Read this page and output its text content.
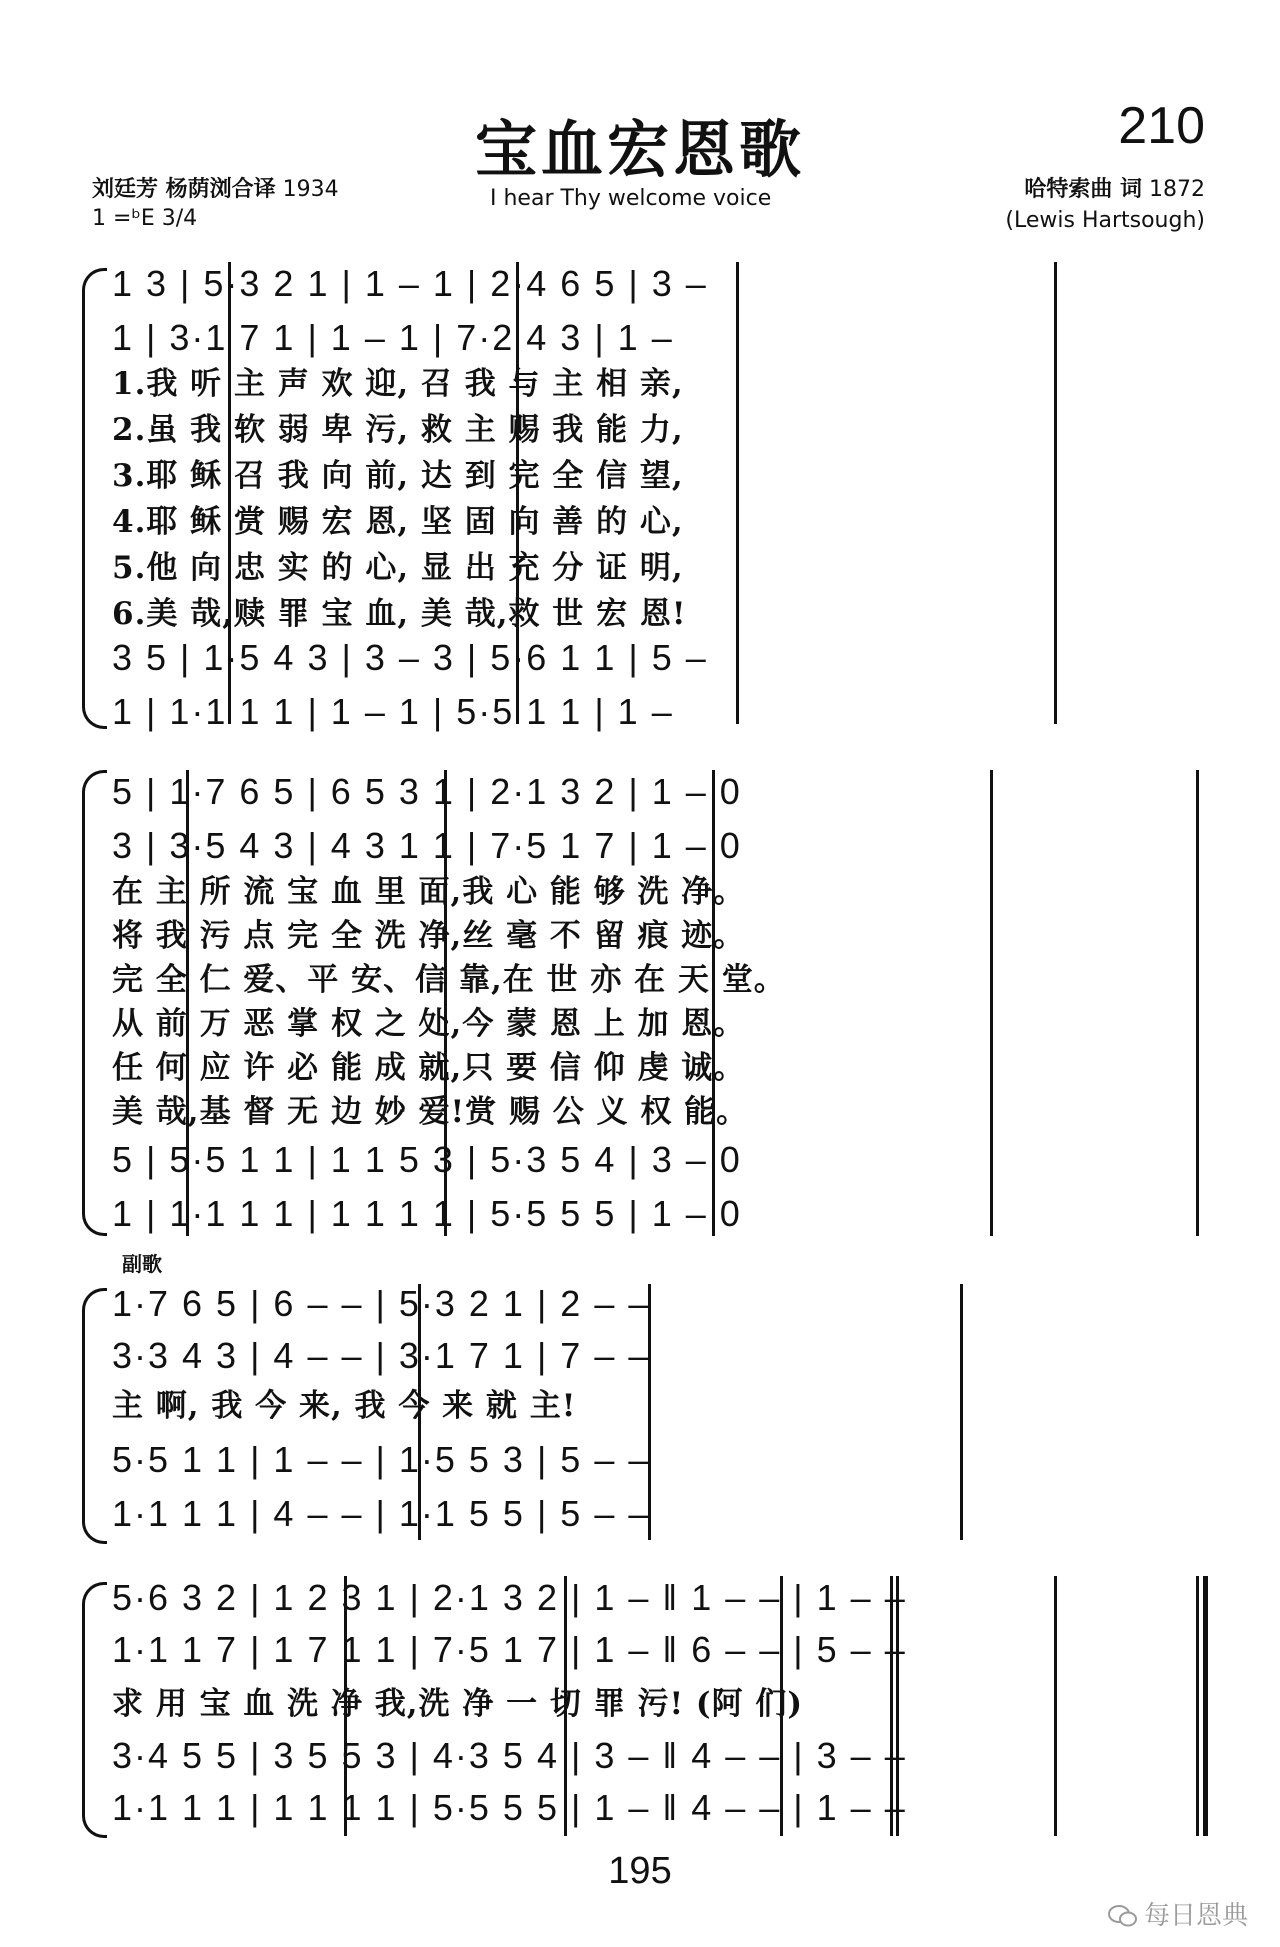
宝血宏恩歌	210
刘廷芳 杨荫浏合译 1934
1 =ᵇE 3/4
I hear Thy welcome voice	哈特索曲 词 1872
(Lewis Hartsough)
1 3 | 5·3 2 1 | 1 – 1 | 2·4 6 5 | 3 –
1 | 3·1 7 1 | 1 – 1 | 7·2 4 3 | 1 –
1.我 听 主 声 欢 迎, 召 我 与 主 相 亲,
2.虽 我 软 弱 卑 污, 救 主 赐 我 能 力,
3.耶 稣 召 我 向 前, 达 到 完 全 信 望,
4.耶 稣 赏 赐 宏 恩, 坚 固 向 善 的 心,
5.他 向 忠 实 的 心, 显 出 充 分 证 明,
6.美 哉,赎 罪 宝 血, 美 哉,救 世 宏 恩!
3 5 | 1·5 4 3 | 3 – 3 | 5·6 1 1 | 5 –
1 | 1·1 1 1 | 1 – 1 | 5·5 1 1 | 1 –
5 | 1·7 6 5 | 6 5 3 1 | 2·1 3 2 | 1 – 0
3 | 3·5 4 3 | 4 3 1 1 | 7·5 1 7 | 1 – 0
在 主 所 流 宝 血 里 面,我 心 能 够 洗 净。
将 我 污 点 完 全 洗 净,丝 毫 不 留 痕 迹。
完 全 仁 爱、平 安、信 靠,在 世 亦 在 天 堂。
从 前 万 恶 掌 权 之 处,今 蒙 恩 上 加 恩。
任 何 应 许 必 能 成 就,只 要 信 仰 虔 诚。
美 哉,基 督 无 边 妙 爱!赏 赐 公 义 权 能。
5 | 5·5 1 1 | 1 1 5 3 | 5·3 5 4 | 3 – 0
1 | 1·1 1 1 | 1 1 1 1 | 5·5 5 5 | 1 – 0
副歌
1·7 6 5 | 6 – – | 5·3 2 1 | 2 – –
3·3 4 3 | 4 – – | 3·1 7 1 | 7 – –
主 啊, 我 今 来, 我 今 来 就 主!
5·5 1 1 | 1 – – | 1·5 5 3 | 5 – –
1·1 1 1 | 4 – – | 1·1 5 5 | 5 – –
5·6 3 2 | 1 2 3 1 | 2·1 3 2 | 1 – ‖ 1 – – | 1 – –
1·1 1 7 | 1 7 1 1 | 7·5 1 7 | 1 – ‖ 6 – – | 5 – –
求 用 宝 血 洗 净 我,洗 净 一 切 罪 污! (阿 们)
3·4 5 5 | 3 5 5 3 | 4·3 5 4 | 3 – ‖ 4 – – | 3 – –
1·1 1 1 | 1 1 1 1 | 5·5 5 5 | 1 – ‖ 4 – – | 1 – –
195
每日恩典
